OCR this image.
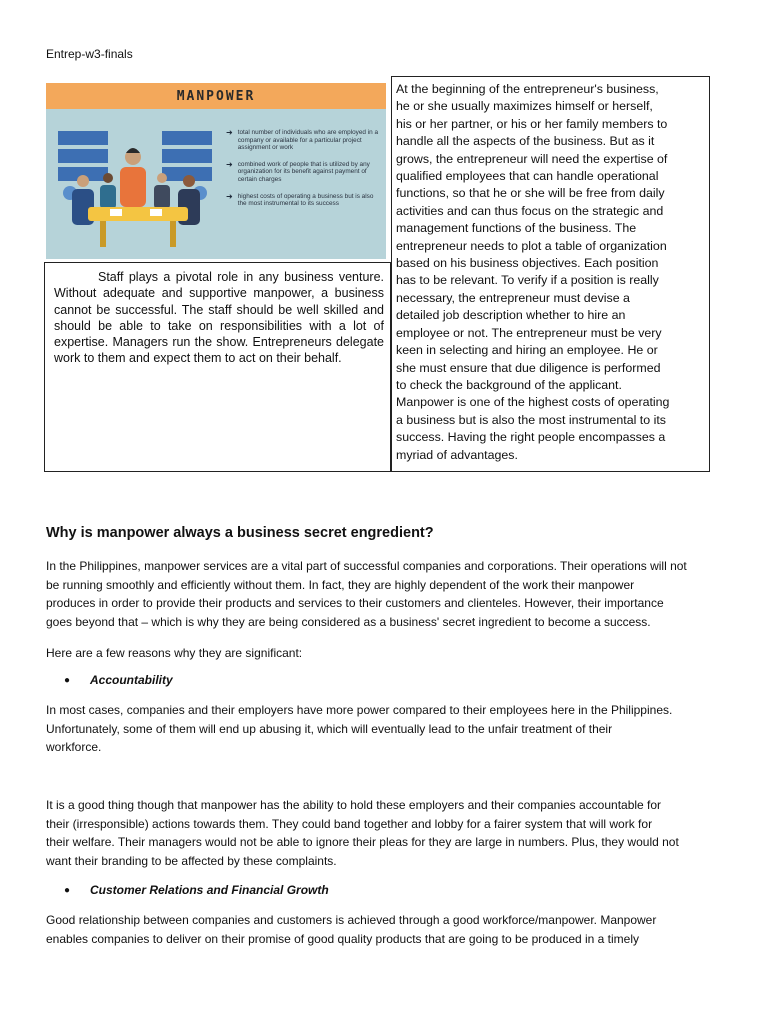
Entrep-w3-finals
MANPOWER
➜ total number of individuals who are employed in a company or available for a particular project assignment or work
➜ combined work of people that is utilized by any organization for its benefit against payment of certain charges
➜ highest costs of operating a business but is also the most instrumental to its success

Staff plays a pivotal role in any business venture. Without adequate and supportive manpower, a business cannot be successful. The staff should be well skilled and should be able to take on responsibilities with a lot of expertise. Managers run the show. Entrepreneurs delegate work to them and expect them to act on their behalf.

At the beginning of the entrepreneur's business,
he or she usually maximizes himself or herself,
his or her partner, or his or her family members to
handle all the aspects of the business. But as it
grows, the entrepreneur will need the expertise of
qualified employees that can handle operational
functions, so that he or she will be free from daily
activities and can thus focus on the strategic and
management functions of the business. The
entrepreneur needs to plot a table of organization
based on his business objectives. Each position
has to be relevant. To verify if a position is really
necessary, the entrepreneur must devise a
detailed job description whether to hire an
employee or not. The entrepreneur must be very
keen in selecting and hiring an employee. He or
she must ensure that due diligence is performed
to check the background of the applicant.
Manpower is one of the highest costs of operating
a business but is also the most instrumental to its
success. Having the right people encompasses a
myriad of advantages.

Why is manpower always a business secret engredient?

In the Philippines, manpower services are a vital part of successful companies and corporations. Their operations will not
be running smoothly and efficiently without them. In fact, they are highly dependent of the work their manpower
produces in order to provide their products and services to their customers and clienteles. However, their importance
goes beyond that – which is why they are being considered as a business' secret ingredient to become a success.

Here are a few reasons why they are significant:

●	Accountability

In most cases, companies and their employers have more power compared to their employees here in the Philippines.
Unfortunately, some of them will end up abusing it, which will eventually lead to the unfair treatment of their
workforce.

It is a good thing though that manpower has the ability to hold these employers and their companies accountable for
their (irresponsible) actions towards them. They could band together and lobby for a fairer system that will work for
their welfare. Their managers would not be able to ignore their pleas for they are large in numbers. Plus, they would not
want their branding to be affected by these complaints.

●	Customer Relations and Financial Growth

Good relationship between companies and customers is achieved through a good workforce/manpower. Manpower
enables companies to deliver on their promise of good quality products that are going to be produced in a timely
